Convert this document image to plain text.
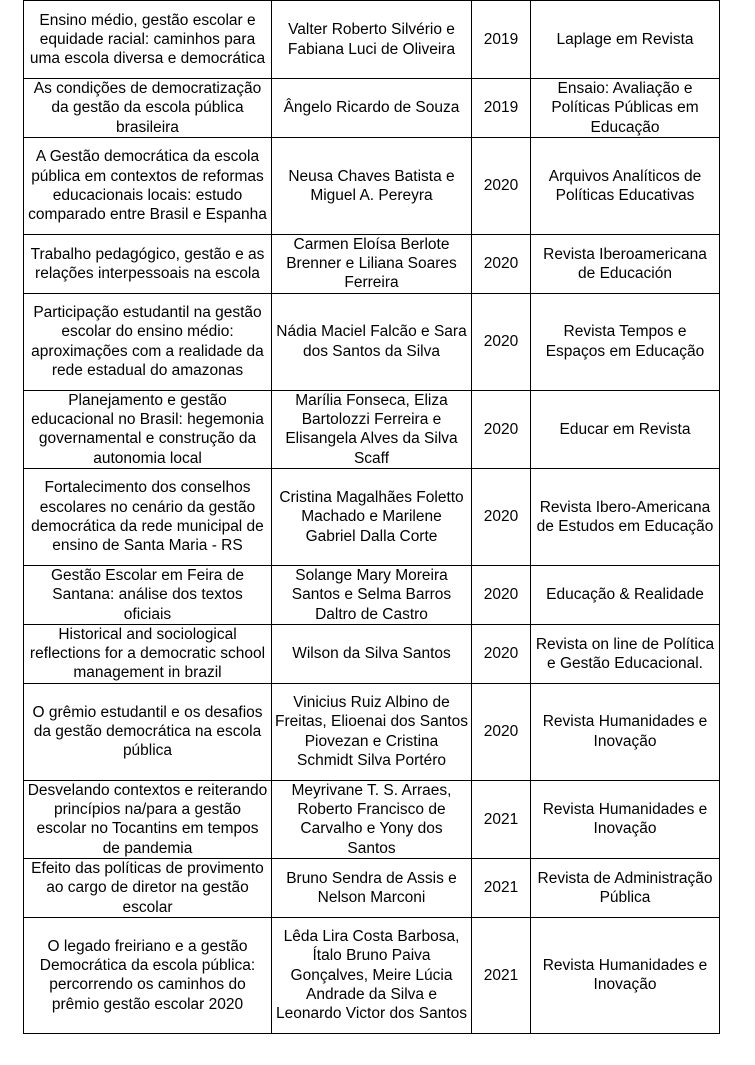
Ensino médio, gestão escolar e equidade racial: caminhos para uma escola diversa e democrática	Valter Roberto Silvério e Fabiana Luci de Oliveira	2019	Laplage em Revista
As condições de democratização da gestão da escola pública brasileira	Ângelo Ricardo de Souza	2019	Ensaio: Avaliação e Políticas Públicas em Educação
A Gestão democrática da escola pública em contextos de reformas educacionais locais: estudo comparado entre Brasil e Espanha	Neusa Chaves Batista e Miguel A. Pereyra	2020	Arquivos Analíticos de Políticas Educativas
Trabalho pedagógico, gestão e as relações interpessoais na escola	Carmen Eloísa Berlote Brenner e Liliana Soares Ferreira	2020	Revista Iberoamericana de Educación
Participação estudantil na gestão escolar do ensino médio: aproximações com a realidade da rede estadual do amazonas	Nádia Maciel Falcão e Sara dos Santos da Silva	2020	Revista Tempos e Espaços em Educação
Planejamento e gestão educacional no Brasil: hegemonia governamental e construção da autonomia local	Marília Fonseca, Eliza Bartolozzi Ferreira e Elisangela Alves da Silva Scaff	2020	Educar em Revista
Fortalecimento dos conselhos escolares no cenário da gestão democrática da rede municipal de ensino de Santa Maria - RS	Cristina Magalhães Foletto Machado e Marilene Gabriel Dalla Corte	2020	Revista Ibero-Americana de Estudos em Educação
Gestão Escolar em Feira de Santana: análise dos textos oficiais	Solange Mary Moreira Santos e Selma Barros Daltro de Castro	2020	Educação & Realidade
Historical and sociological reflections for a democratic school management in brazil	Wilson da Silva Santos	2020	Revista on line de Política e Gestão Educacional.
O grêmio estudantil e os desafios da gestão democrática na escola pública	Vinicius Ruiz Albino de Freitas, Elioenai dos Santos Piovezan e Cristina Schmidt Silva Portéro	2020	Revista Humanidades e Inovação
Desvelando contextos e reiterando princípios na/para a gestão escolar no Tocantins em tempos de pandemia	Meyrivane T. S. Arraes, Roberto Francisco de Carvalho e Yony dos Santos	2021	Revista Humanidades e Inovação
Efeito das políticas de provimento ao cargo de diretor na gestão escolar	Bruno Sendra de Assis e Nelson Marconi	2021	Revista de Administração Pública
O legado freiriano e a gestão Democrática da escola pública: percorrendo os caminhos do prêmio gestão escolar 2020	Lêda Lira Costa Barbosa, Ítalo Bruno Paiva Gonçalves, Meire Lúcia Andrade da Silva e Leonardo Victor dos Santos	2021	Revista Humanidades e Inovação
